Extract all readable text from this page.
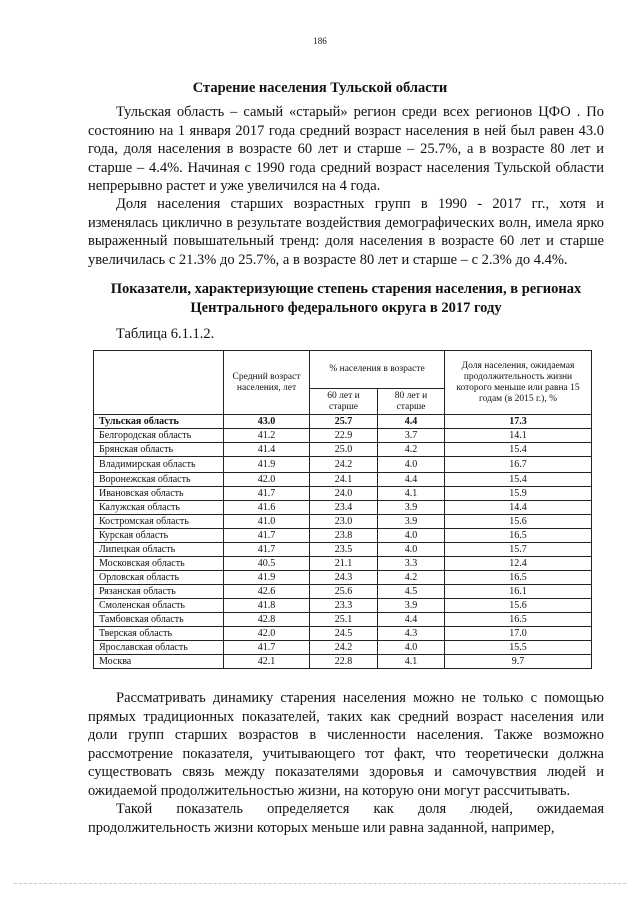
186
Старение населения Тульской области

Тульская область – самый «старый» регион среди всех регионов ЦФО . По состоянию на 1 января 2017 года средний возраст населения в ней был равен 43.0 года, доля населения в возрасте 60 лет и старше – 25.7%, а в возрасте 80 лет и старше – 4.4%. Начиная с 1990 года средний возраст населения Тульской области непрерывно растет и уже увеличился на 4 года.

Доля населения старших возрастных групп в 1990 - 2017 гг., хотя и изменялась циклично в результате воздействия демографических волн, имела ярко выраженный повышательный тренд: доля населения в возрасте 60 лет и старше увеличилась с 21.3% до 25.7%, а в возрасте 80 лет и старше – с 2.3% до 4.4%.

Показатели, характеризующие степень старения населения, в регионах Центрального федерального округа в 2017 году
Таблица 6.1.1.2.
	Средний возраст населения, лет	% населения в возрасте		Доля населения, ожидаемая продолжительность жизни которого меньше или равна 15 годам (в 2015 г.), %
		60 лет и старше	80 лет и старше	
Тульская область	43.0	25.7	4.4	17.3
Белгородская область	41.2	22.9	3.7	14.1
Брянская область	41.4	25.0	4.2	15.4
Владимирская область	41.9	24.2	4.0	16.7
Воронежская область	42.0	24.1	4.4	15.4
Ивановская область	41.7	24.0	4.1	15.9
Калужская область	41.6	23.4	3.9	14.4
Костромская область	41.0	23.0	3.9	15.6
Курская область	41.7	23.8	4.0	16.5
Липецкая область	41.7	23.5	4.0	15.7
Московская область	40.5	21.1	3.3	12.4
Орловская область	41.9	24.3	4.2	16.5
Рязанская область	42.6	25.6	4.5	16.1
Смоленская область	41.8	23.3	3.9	15.6
Тамбовская область	42.8	25.1	4.4	16.5
Тверская область	42.0	24.5	4.3	17.0
Ярославская область	41.7	24.2	4.0	15.5
Москва	42.1	22.8	4.1	9.7

Рассматривать динамику старения населения можно не только с помощью прямых традиционных показателей, таких как средний возраст населения или доли групп старших возрастов в численности населения. Также возможно рассмотрение показателя, учитывающего тот факт, что теоретически должна существовать связь между показателями здоровья и самочувствия людей и ожидаемой продолжительностью жизни, на которую они могут рассчитывать.

Такой показатель определяется как доля людей, ожидаемая продолжительность жизни которых меньше или равна заданной, например,
